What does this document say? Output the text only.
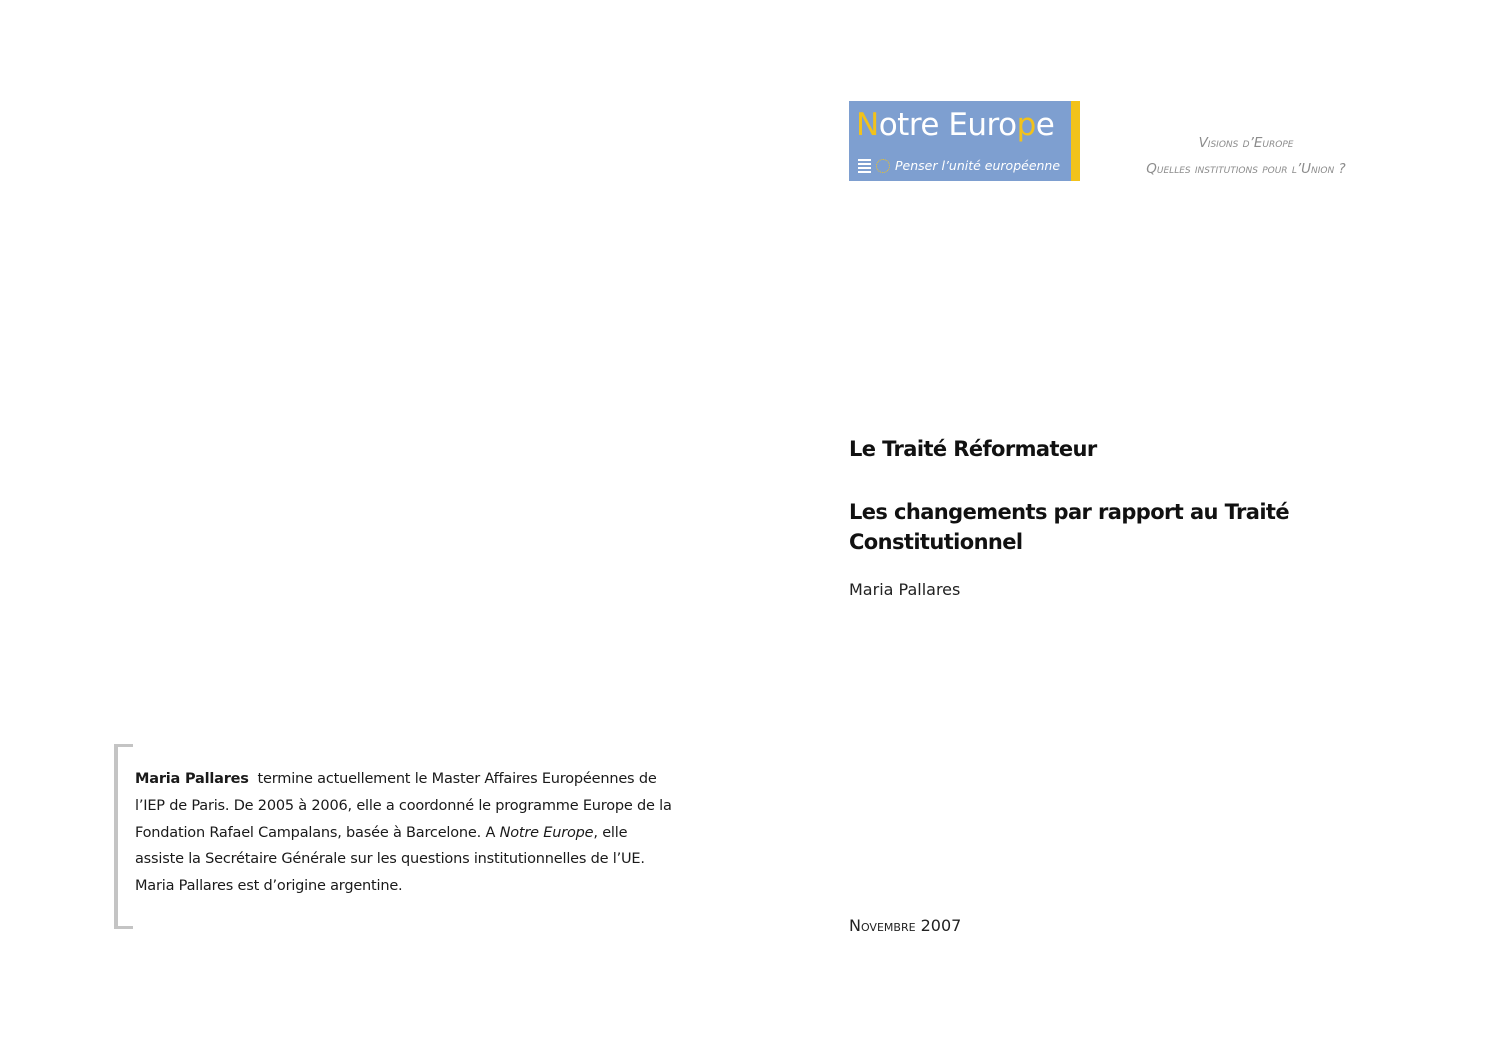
Notre Europe
Penser l’unité européenne
Visions d’Europe
Quelles institutions pour l’Union ?
Le Traité Réformateur
Les changements par rapport au Traité Constitutionnel
Maria Pallares
Maria Pallares  termine actuellement le Master Affaires Européennes de l’IEP de Paris. De 2005 à 2006, elle a coordonné le programme Europe de la Fondation Rafael Campalans, basée à Barcelone. A Notre Europe, elle assiste la Secrétaire Générale sur les questions institutionnelles de l’UE. Maria Pallares est d’origine argentine.
Novembre 2007
